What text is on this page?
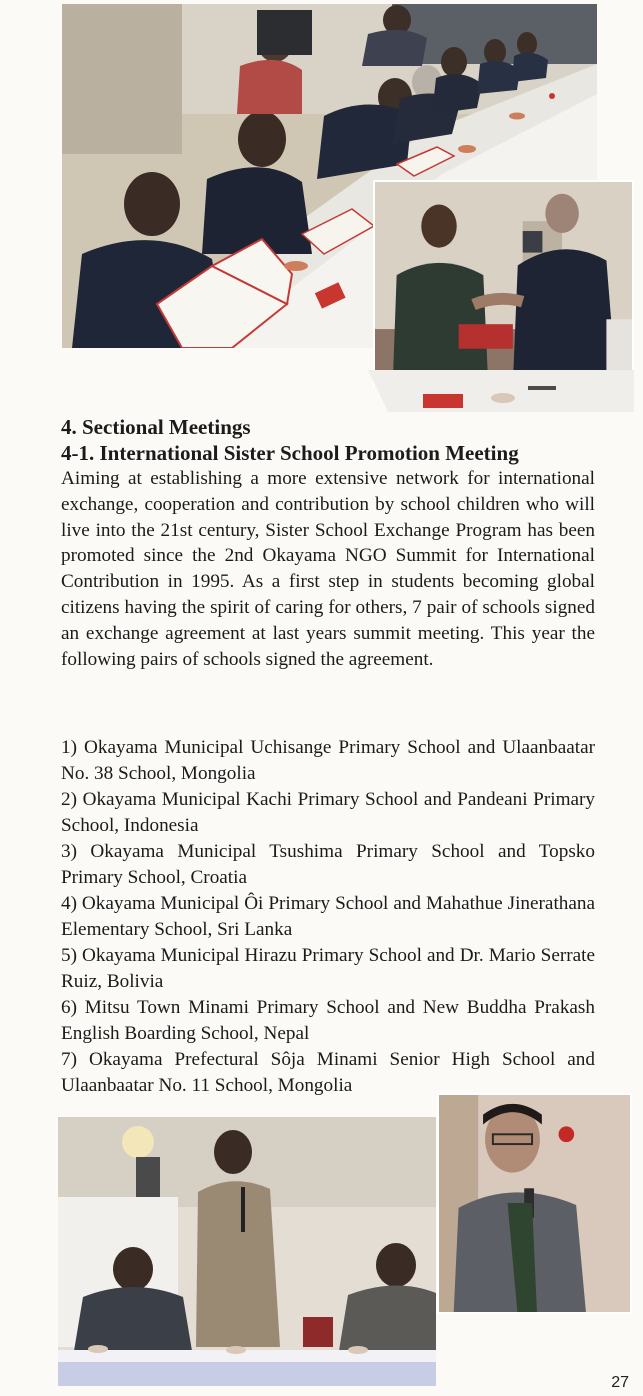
4. Sectional Meetings
4-1. International Sister School Promotion Meeting

Aiming at establishing a more extensive network for international exchange, cooperation and contribution by school children who will live into the 21st century, Sister School Exchange Program has been promoted since the 2nd Okayama NGO Summit for International Contribution in 1995. As a first step in students becoming global citizens having the spirit of caring for others, 7 pair of schools signed an exchange agreement at last years summit meeting. This year the following pairs of schools signed the agreement.

1) Okayama Municipal Uchisange Primary School and Ulaanbaatar No. 38 School, Mongolia

2) Okayama Municipal Kachi Primary School and Pandeani Primary School, Indonesia

3) Okayama Municipal Tsushima Primary School and Topsko Primary School, Croatia

4) Okayama Municipal Ôi Primary School and Mahathue Jinerathana Elementary School, Sri Lanka

5) Okayama Municipal Hirazu Primary School and Dr. Mario Serrate Ruiz, Bolivia

6) Mitsu Town Minami Primary School and New Buddha Prakash English Boarding School, Nepal

7) Okayama Prefectural Sôja Minami Senior High School and Ulaanbaatar No. 11 School, Mongolia

27
